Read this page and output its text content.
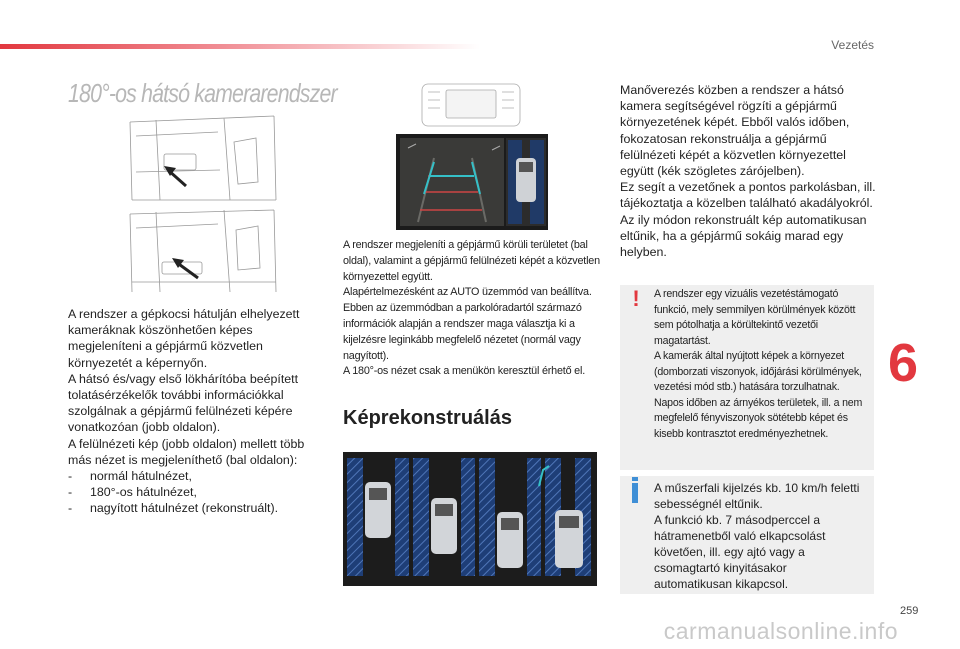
Vezetés
180°-os hátsó kamerarendszer
A rendszer a gépkocsi hátulján elhelyezett kameráknak köszönhetően képes megjeleníteni a gépjármű közvetlen környezetét a képernyőn.
A hátsó és/vagy első lökhárítóba beépített tolatásérzékelők további információkkal szolgálnak a gépjármű felülnézeti képére vonatkozóan (jobb oldalon).
A felülnézeti kép (jobb oldalon) mellett több más nézet is megjeleníthető (bal oldalon):
- normál hátulnézet,
- 180°-os hátulnézet,
- nagyított hátulnézet (rekonstruált).
A rendszer megjeleníti a gépjármű körüli területet (bal oldal), valamint a gépjármű felülnézeti képét a közvetlen környezettel együtt.
Alapértelmezésként az AUTO üzemmód van beállítva.
Ebben az üzemmódban a parkolóradartól származó információk alapján a rendszer maga választja ki a kijelzésre leginkább megfelelő nézetet (normál vagy nagyított).
A 180°-os nézet csak a menükön keresztül érhető el.
Képrekonstruálás
Manőverezés közben a rendszer a hátsó kamera segítségével rögzíti a gépjármű környezetének képét. Ebből valós időben, fokozatosan rekonstruálja a gépjármű felülnézeti képét a közvetlen környezettel együtt (kék szögletes zárójelben).
Ez segít a vezetőnek a pontos parkolásban, ill. tájékoztatja a közelben található akadályokról. Az ily módon rekonstruált kép automatikusan eltűnik, ha a gépjármű sokáig marad egy helyben.
!	A rendszer egy vizuális vezetéstámogató funkció, mely semmilyen körülmények között sem pótolhatja a körültekintő vezetői magatartást.
A kamerák által nyújtott képek a környezet (domborzati viszonyok, időjárási körülmények, vezetési mód stb.) hatására torzulhatnak.
Napos időben az árnyékos területek, ill. a nem megfelelő fényviszonyok sötétebb képet és kisebb kontrasztot eredményezhetnek.
A műszerfali kijelzés kb. 10 km/h feletti sebességnél eltűnik.
A funkció kb. 7 másodperccel a hátramenetből való elkapcsolást követően, ill. egy ajtó vagy a csomagtartó kinyitásakor automatikusan kikapcsol.
6
259
carmanualsonline.info
